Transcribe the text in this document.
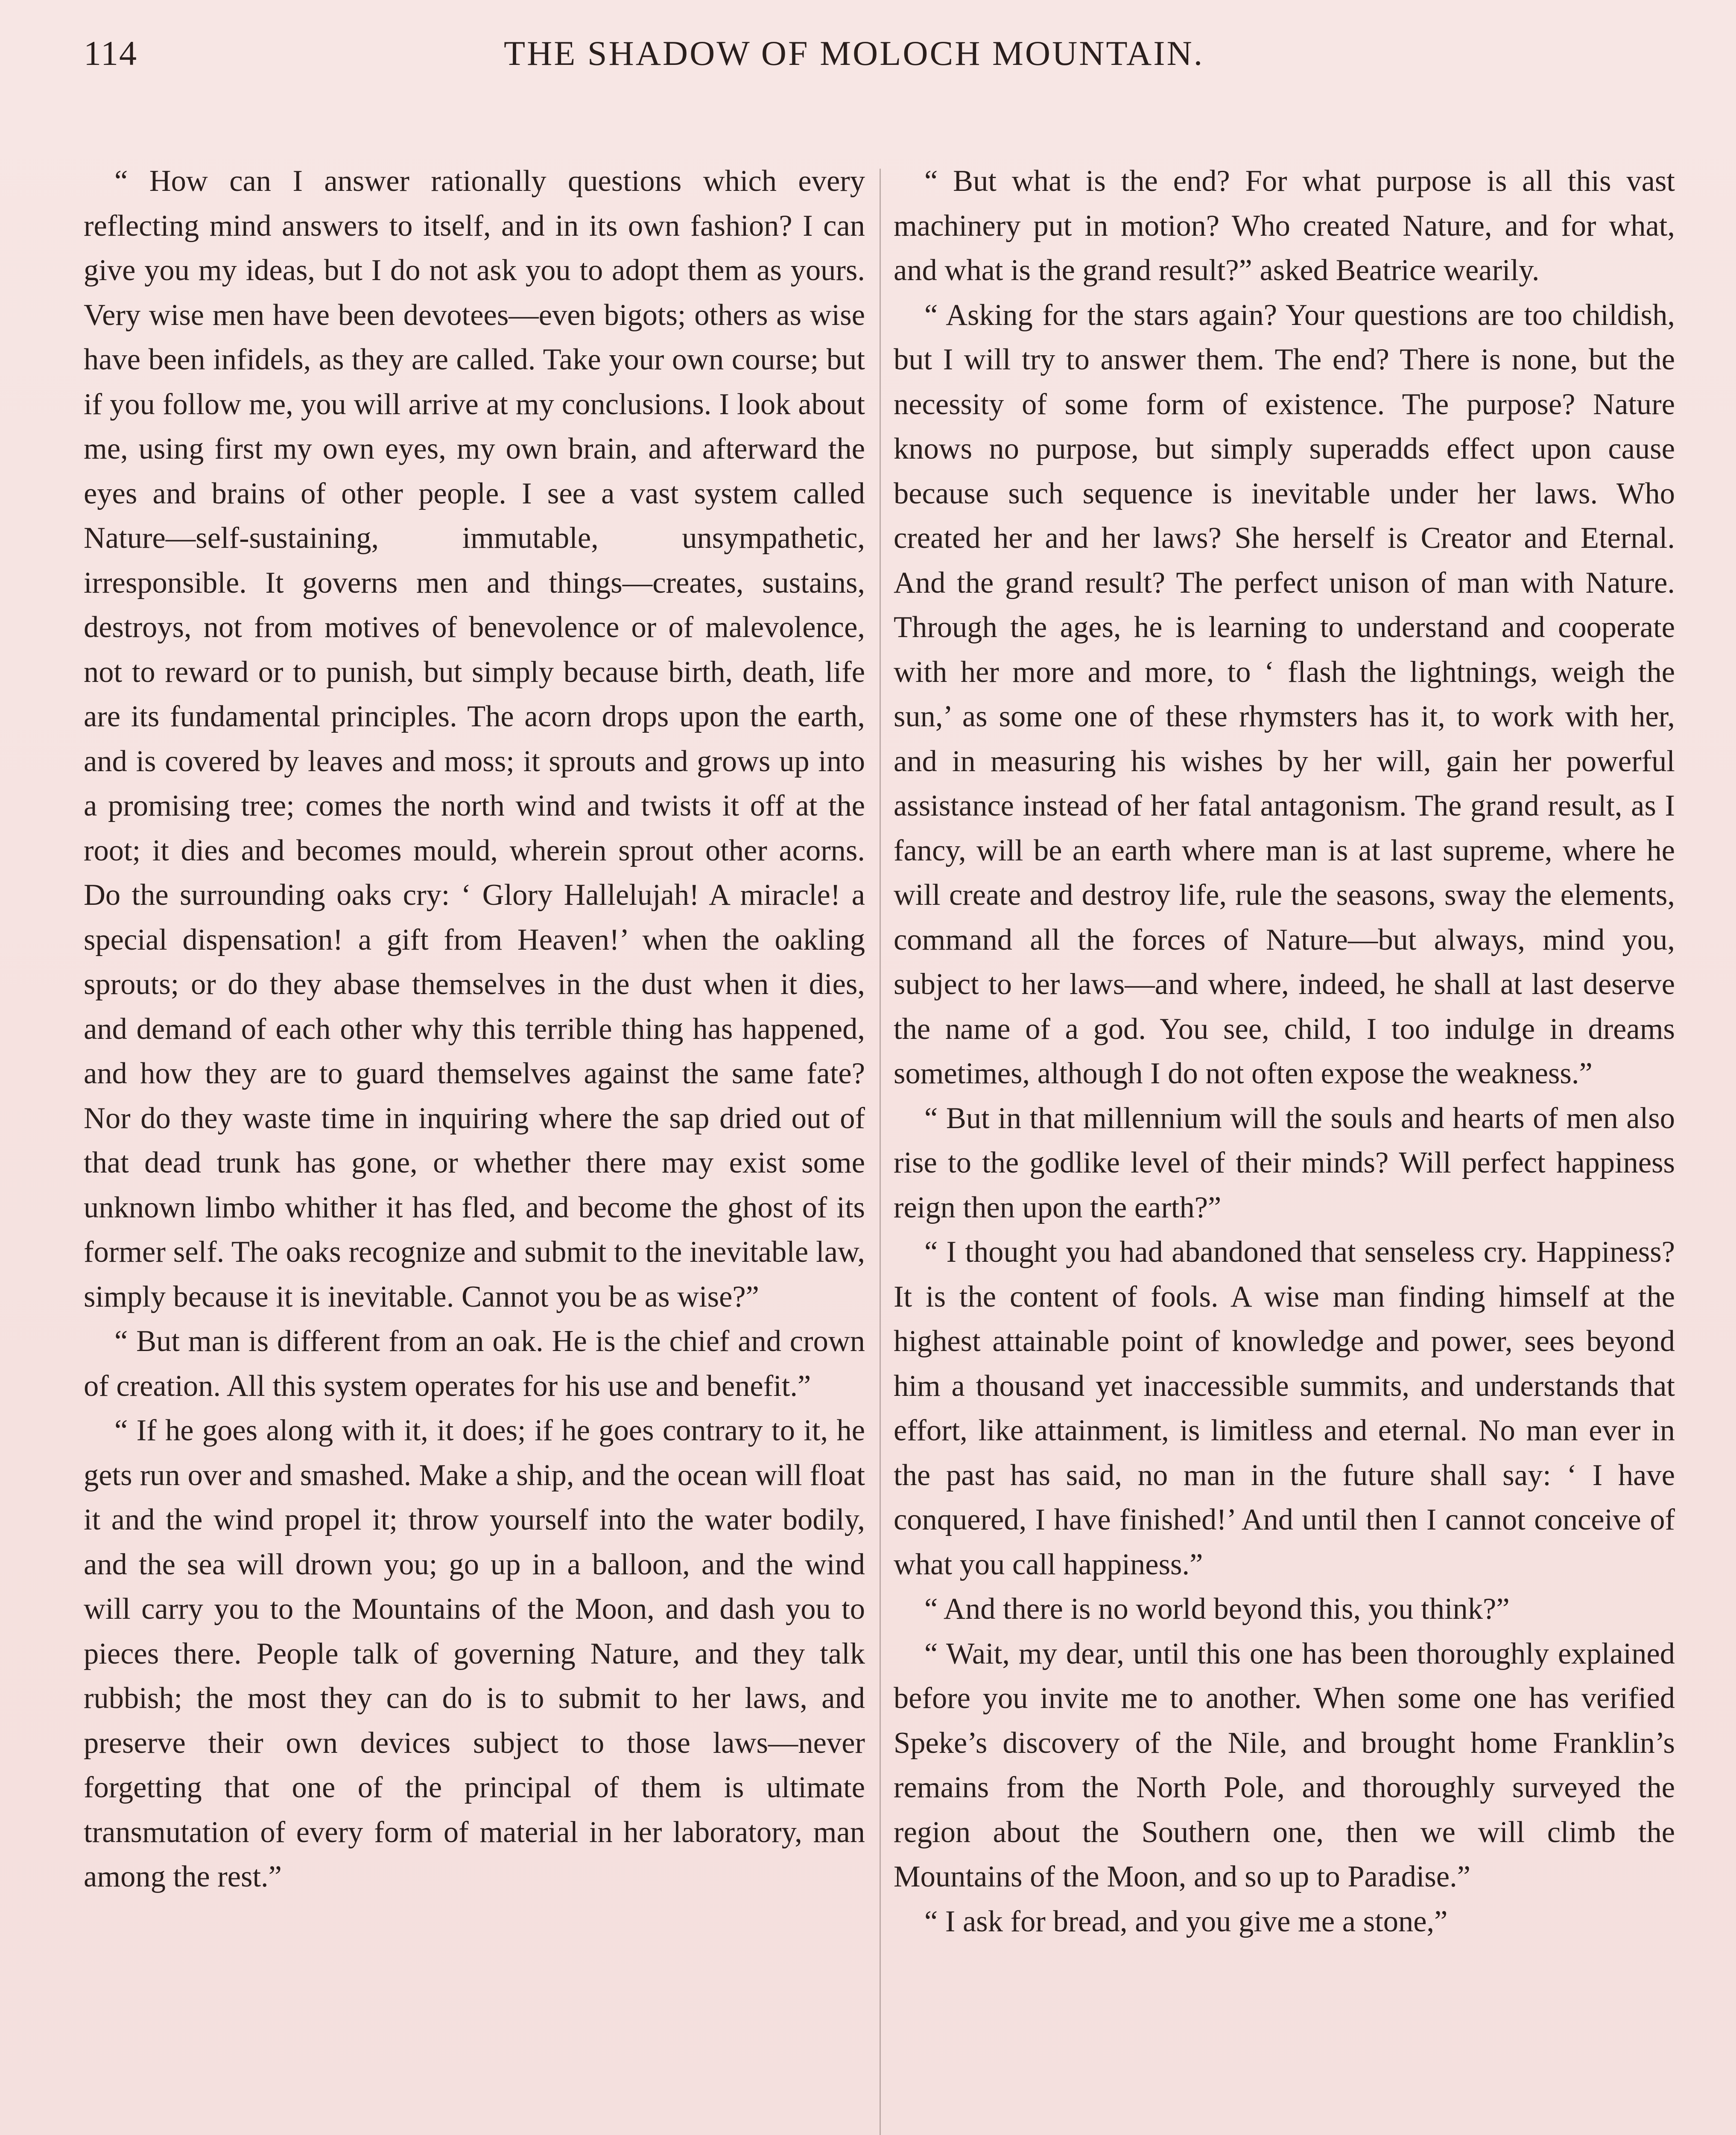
114	THE SHADOW OF MOLOCH MOUNTAIN.

“ How can I answer rationally questions which every reflecting mind answers to itself, and in its own fashion? I can give you my ideas, but I do not ask you to adopt them as yours. Very wise men have been devotees—even bigots; others as wise have been infidels, as they are called. Take your own course; but if you follow me, you will arrive at my conclusions. I look about me, using first my own eyes, my own brain, and afterward the eyes and brains of other people. I see a vast system called Nature—self-sustaining, immutable, unsympathetic, irresponsible. It governs men and things—creates, sustains, destroys, not from motives of benevolence or of malevolence, not to reward or to punish, but simply because birth, death, life are its fundamental principles. The acorn drops upon the earth, and is covered by leaves and moss; it sprouts and grows up into a promising tree; comes the north wind and twists it off at the root; it dies and becomes mould, wherein sprout other acorns. Do the surrounding oaks cry: ‘ Glory Hallelujah! A miracle! a special dispensation! a gift from Heaven!’ when the oakling sprouts; or do they abase themselves in the dust when it dies, and demand of each other why this terrible thing has happened, and how they are to guard themselves against the same fate? Nor do they waste time in inquiring where the sap dried out of that dead trunk has gone, or whether there may exist some unknown limbo whither it has fled, and become the ghost of its former self. The oaks recognize and submit to the inevitable law, simply because it is inevitable. Cannot you be as wise?”

“ But man is different from an oak. He is the chief and crown of creation. All this system operates for his use and benefit.”

“ If he goes along with it, it does; if he goes contrary to it, he gets run over and smashed. Make a ship, and the ocean will float it and the wind propel it; throw yourself into the water bodily, and the sea will drown you; go up in a balloon, and the wind will carry you to the Mountains of the Moon, and dash you to pieces there. People talk of governing Nature, and they talk rubbish; the most they can do is to submit to her laws, and preserve their own devices subject to those laws—never forgetting that one of the principal of them is ultimate transmutation of every form of material in her laboratory, man among the rest.”

“ But what is the end? For what purpose is all this vast machinery put in motion? Who created Nature, and for what, and what is the grand result?” asked Beatrice wearily.

“ Asking for the stars again? Your questions are too childish, but I will try to answer them. The end? There is none, but the necessity of some form of existence. The purpose? Nature knows no purpose, but simply superadds effect upon cause because such sequence is inevitable under her laws. Who created her and her laws? She herself is Creator and Eternal. And the grand result? The perfect unison of man with Nature. Through the ages, he is learning to understand and cooperate with her more and more, to ‘ flash the lightnings, weigh the sun,’ as some one of these rhymsters has it, to work with her, and in measuring his wishes by her will, gain her powerful assistance instead of her fatal antagonism. The grand result, as I fancy, will be an earth where man is at last supreme, where he will create and destroy life, rule the seasons, sway the elements, command all the forces of Nature—but always, mind you, subject to her laws—and where, indeed, he shall at last deserve the name of a god. You see, child, I too indulge in dreams sometimes, although I do not often expose the weakness.”

“ But in that millennium will the souls and hearts of men also rise to the godlike level of their minds? Will perfect happiness reign then upon the earth?”

“ I thought you had abandoned that senseless cry. Happiness? It is the content of fools. A wise man finding himself at the highest attainable point of knowledge and power, sees beyond him a thousand yet inaccessible summits, and understands that effort, like attainment, is limitless and eternal. No man ever in the past has said, no man in the future shall say: ‘ I have conquered, I have finished!’ And until then I cannot conceive of what you call happiness.”

“ And there is no world beyond this, you think?”

“ Wait, my dear, until this one has been thoroughly explained before you invite me to another. When some one has verified Speke’s discovery of the Nile, and brought home Franklin’s remains from the North Pole, and thoroughly surveyed the region about the Southern one, then we will climb the Mountains of the Moon, and so up to Paradise.”

“ I ask for bread, and you give me a stone,”
